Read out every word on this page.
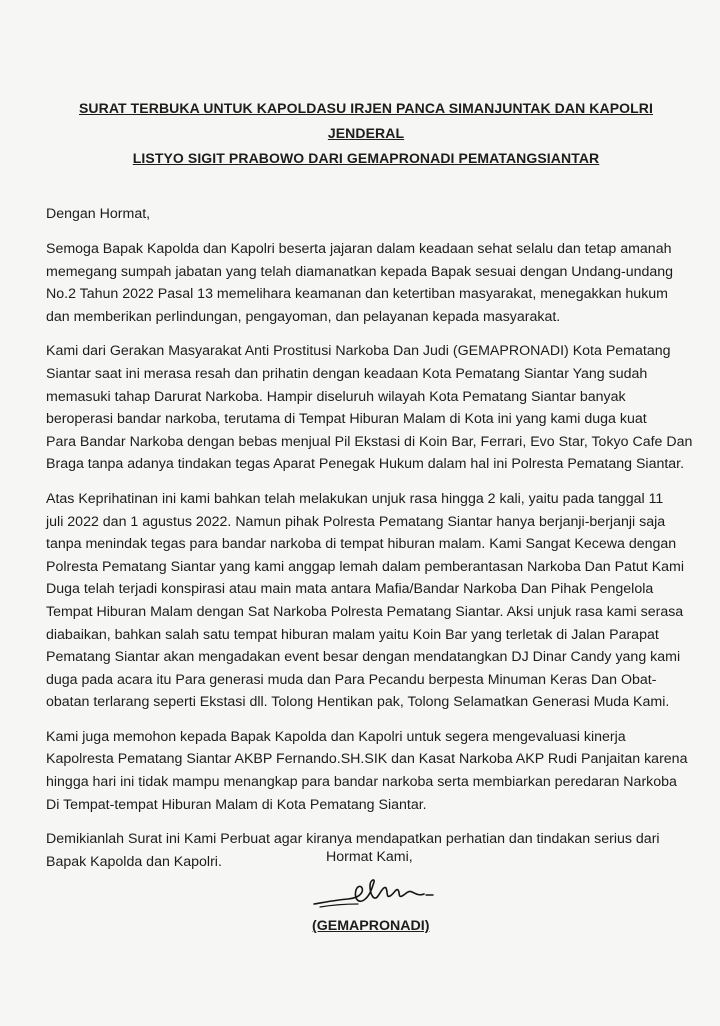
SURAT TERBUKA UNTUK KAPOLDASU IRJEN PANCA SIMANJUNTAK DAN KAPOLRI JENDERAL
LISTYO SIGIT PRABOWO DARI GEMAPRONADI PEMATANGSIANTAR
Dengan Hormat,
Semoga Bapak Kapolda dan Kapolri beserta jajaran dalam keadaan sehat selalu dan tetap amanah
memegang sumpah jabatan yang telah diamanatkan kepada Bapak sesuai dengan Undang-undang
No.2 Tahun 2022 Pasal 13 memelihara keamanan dan ketertiban masyarakat, menegakkan hukum
dan memberikan perlindungan, pengayoman, dan pelayanan kepada masyarakat.
Kami dari Gerakan Masyarakat Anti Prostitusi Narkoba Dan Judi (GEMAPRONADI) Kota Pematang
Siantar saat ini merasa resah dan prihatin dengan keadaan Kota Pematang Siantar Yang sudah
memasuki tahap Darurat Narkoba. Hampir diseluruh wilayah Kota Pematang Siantar banyak
beroperasi bandar narkoba, terutama di Tempat Hiburan Malam di Kota ini yang kami duga kuat
Para Bandar Narkoba dengan bebas menjual Pil Ekstasi di Koin Bar, Ferrari, Evo Star, Tokyo Cafe Dan
Braga tanpa adanya tindakan tegas Aparat Penegak Hukum dalam hal ini Polresta Pematang Siantar.
Atas Keprihatinan ini kami bahkan telah melakukan unjuk rasa hingga 2 kali, yaitu pada tanggal 11
juli 2022 dan 1 agustus 2022. Namun pihak Polresta Pematang Siantar hanya berjanji-berjanji saja
tanpa menindak tegas para bandar narkoba di tempat hiburan malam. Kami Sangat Kecewa dengan
Polresta Pematang Siantar yang kami anggap lemah dalam pemberantasan Narkoba Dan Patut Kami
Duga telah terjadi konspirasi atau main mata antara Mafia/Bandar Narkoba Dan Pihak Pengelola
Tempat Hiburan Malam dengan Sat Narkoba Polresta Pematang Siantar. Aksi unjuk rasa kami serasa
diabaikan, bahkan salah satu tempat hiburan malam yaitu Koin Bar yang terletak di Jalan Parapat
Pematang Siantar akan mengadakan event besar dengan mendatangkan DJ Dinar Candy yang kami
duga pada acara itu Para generasi muda dan Para Pecandu berpesta Minuman Keras Dan Obat-
obatan terlarang seperti Ekstasi dll. Tolong Hentikan pak, Tolong Selamatkan Generasi Muda Kami.
Kami juga memohon kepada Bapak Kapolda dan Kapolri untuk segera mengevaluasi kinerja
Kapolresta Pematang Siantar AKBP Fernando.SH.SIK dan Kasat Narkoba AKP Rudi Panjaitan karena
hingga hari ini tidak mampu menangkap para bandar narkoba serta membiarkan peredaran Narkoba
Di Tempat-tempat Hiburan Malam di Kota Pematang Siantar.
Demikianlah Surat ini Kami Perbuat agar kiranya mendapatkan perhatian dan tindakan serius dari
Bapak Kapolda dan Kapolri.	Hormat Kami,
(GEMAPRONADI)
